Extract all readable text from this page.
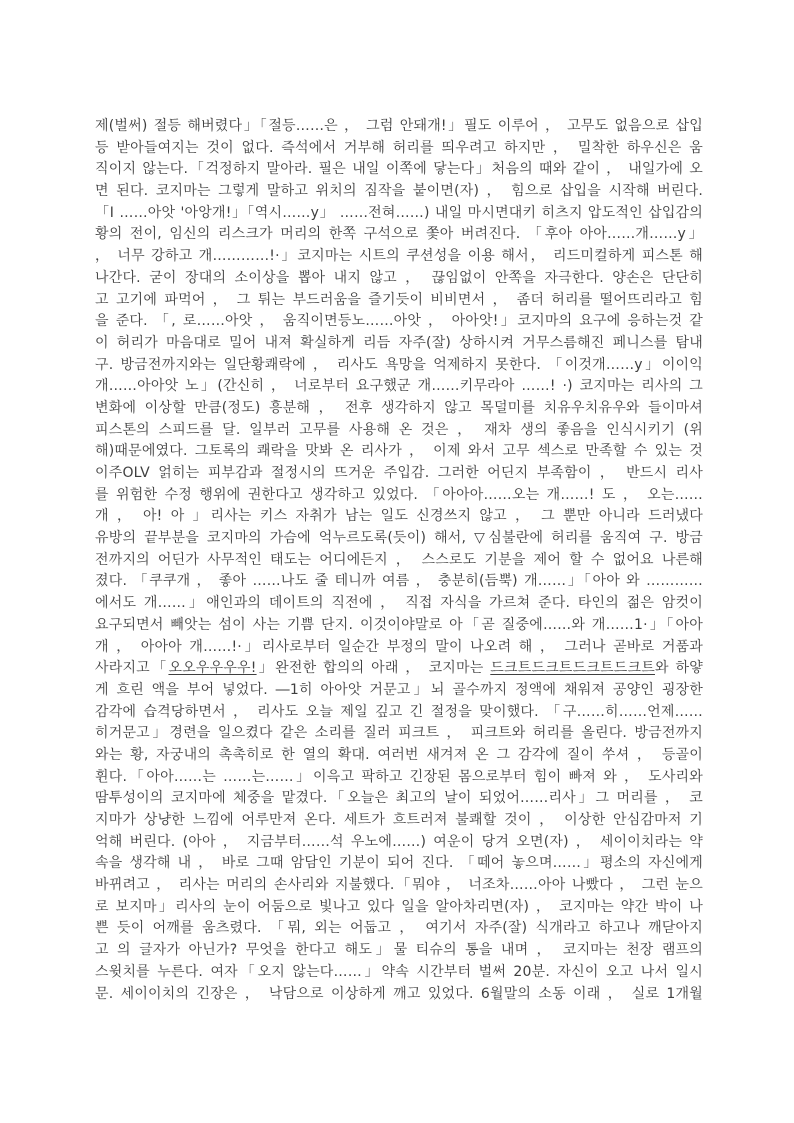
제(벌써) 절등 해버렸다」「절등……은 ， 그럼 안돼개!」필도 이루어 ， 고무도 없음으로 삽입
등 받아들여지는 것이 없다. 즉석에서 거부해 허리를 띄우려고 하지만 ， 밀착한 하우신은 움
직이지 않는다.「걱정하지 말아라. 필은 내일 이쪽에 닿는다」처음의 때와 같이 ， 내일가에 오
면 된다. 코지마는 그렇게 말하고 위치의 짐작을 붙이면(자) ， 힘으로 삽입을 시작해 버린다.
「I ……아앗 '아앙개!」「역시……y」 ……전혀……) 내일 마시면대키 히츠지 압도적인 삽입감의
황의 전이, 임신의 리스크가 머리의 한쪽 구석으로 쫓아 버려진다. 「후아 아아……개……y」
， 너무 강하고 개…………!·」코지마는 시트의 쿠션성을 이용 해서， 리드미컬하게 피스톤 해
나간다. 굳이 장대의 소이상을 뽑아 내지 않고 ， 끊임없이 안쪽을 자극한다. 양손은 단단히
고 고기에 파먹어 ， 그 튀는 부드러움을 즐기듯이 비비면서 ， 좀더 허리를 떨어뜨리라고 힘
을 준다. 「, 로……아앗 ， 움직이면등노……아앗 ， 아아앗!」코지마의 요구에 응하는것 같
이 허리가 마음대로 밀어 내져 확실하게 리듬 자주(잘) 상하시켜 거무스름해진 페니스를 탐내
구. 방금전까지와는 일단황쾌락에 ， 리사도 욕망을 억제하지 못한다. 「이것개……y」이이익
개……아아앗 노」(간신히 ， 너로부터 요구했군 개……키무라아 ……! ·) 코지마는 리사의 그
변화에 이상할 만큼(정도) 흥분해 ， 전후 생각하지 않고 목덜미를 치유우치유우와 들이마셔
피스톤의 스피드를 달. 일부러 고무를 사용해 온 것은 ， 재차 생의 좋음을 인식시키기 (위
해)때문에였다. 그토록의 쾌락을 맛봐 온 리사가 ， 이제 와서 고무 섹스로 만족할 수 있는 것
이주OLV 얽히는 피부감과 절정시의 뜨거운 주입감. 그러한 어딘지 부족함이 ， 반드시 리사
를 위험한 수정 행위에 권한다고 생각하고 있었다. 「아아아……오는 개……! 도 ， 오는……
개 ， 아! 아 」리사는 키스 자취가 남는 일도 신경쓰지 않고 ， 그 뿐만 아니라 드러냈다
유방의 끝부분을 코지마의 가슴에 억누르도록(듯이) 해서, ▽심불란에 허리를 움직여 구. 방금
전까지의 어딘가 사무적인 태도는 어디에든지 ， 스스로도 기분을 제어 할 수 없어요 나른해
졌다. 「쿠쿠개 ， 좋아 ……나도 줄 테니까 여름 ， 충분히(듬뿍) 개……」「아아 와 …………
에서도 개……」애인과의 데이트의 직전에 ， 직접 자식을 가르쳐 준다. 타인의 젊은 암컷이
요구되면서 빼앗는 섬이 사는 기쁨 단지. 이것이야말로 아「곧 질중에……와 개……1·」「아아
개 ， 아아아 개……!·」리사로부터 일순간 부정의 말이 나오려 해 ， 그러나 곧바로 거품과
사라지고「오오우우우우!」완전한 합의의 아래 ， 코지마는 드크트드크트드크트드크트와 하얗
게 흐린 액을 부어 넣었다. ―1히 아아앗 거문고」뇌 골수까지 정액에 채워져 공양인 굉장한
감각에 습격당하면서 ， 리사도 오늘 제일 깊고 긴 절정을 맞이했다. 「구……히……언제……
히거문고」경련을 일으켰다 같은 소리를 질러 피크트 ， 피크트와 허리를 올린다. 방금전까지
와는 황, 자궁내의 촉촉히로 한 열의 확대. 여러번 새겨져 온 그 감각에 질이 쑤셔 ， 등골이
휜다.「아아……는 ……는……」이윽고 팍하고 긴장된 몸으로부터 힘이 빠져 와 ， 도사리와
땀투성이의 코지마에 체중을 맡겼다.「오늘은 최고의 날이 되었어……리사」그 머리를 ， 코
지마가 상냥한 느낌에 어루만져 온다. 세트가 흐트러져 불쾌할 것이 ， 이상한 안심감마저 기
억해 버린다. (아아 ， 지금부터……석 우노에……) 여운이 당겨 오면(자) ， 세이이치라는 약
속을 생각해 내 ， 바로 그때 암담인 기분이 되어 진다. 「떼어 놓으며……」평소의 자신에게
바뀌려고 ， 리사는 머리의 손사리와 지불했다.「뭐야 ， 너조차……아아 나빴다 ， 그런 눈으
로 보지마」리사의 눈이 어둠으로 빛나고 있다 일을 알아차리면(자) ， 코지마는 약간 박이 나
쁜 듯이 어깨를 움츠렸다. 「뭐, 외는 어둡고 ， 여기서 자주(잘) 식개라고 하고나 깨닫아지
고 의 글자가 아닌가? 무엇을 한다고 해도」물 티슈의 통을 내며 ， 코지마는 천장 램프의
스윗치를 누른다. 여자「오지 않는다……」약속 시간부터 벌써 20분. 자신이 오고 나서 일시
문. 세이이치의 긴장은 ， 낙담으로 이상하게 깨고 있었다. 6월말의 소동 이래 ， 실로 1개월
